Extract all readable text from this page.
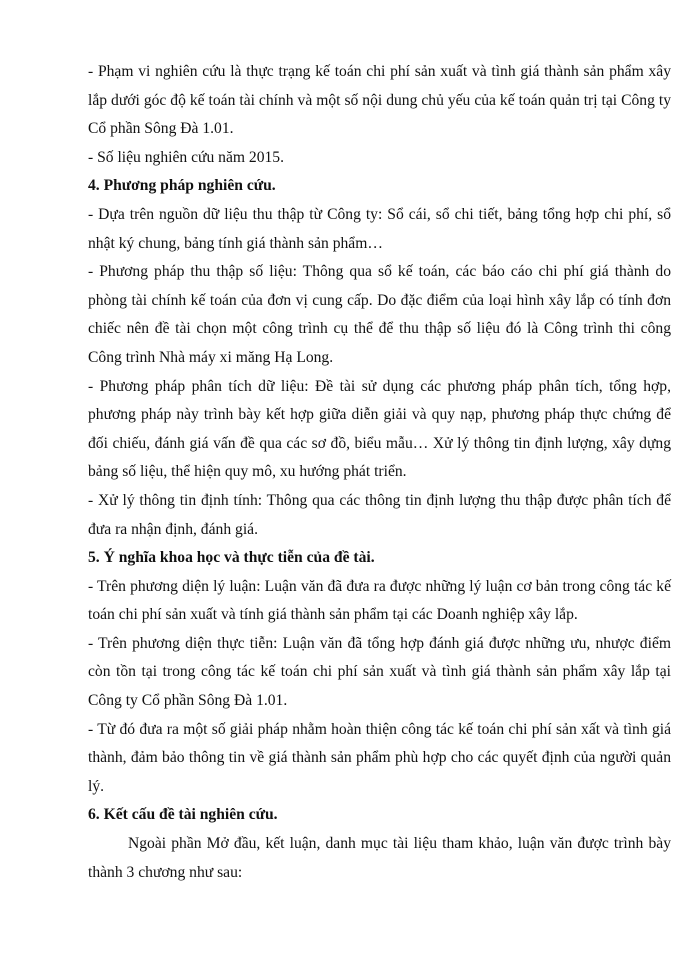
- Phạm vi nghiên cứu là thực trạng kế toán chi phí sản xuất và tình giá thành sản phẩm xây lắp dưới góc độ kế toán tài chính và một số nội dung chủ yếu của kế toán quản trị tại Công ty Cổ phần Sông Đà 1.01.

- Số liệu nghiên cứu năm 2015.

4. Phương pháp nghiên cứu.

- Dựa trên nguồn dữ liệu thu thập từ Công ty: Sổ cái, sổ chi tiết, bảng tổng hợp chi phí, sổ nhật ký chung, bảng tính giá thành sản phẩm…

- Phương pháp thu thập số liệu: Thông qua sổ kế toán, các báo cáo chi phí giá thành do phòng tài chính kế toán của đơn vị cung cấp. Do đặc điểm của loại hình xây lắp có tính đơn chiếc nên đề tài chọn một công trình cụ thể để thu thập số liệu đó là Công trình thi công Công trình Nhà máy xi măng Hạ Long.

- Phương pháp phân tích dữ liệu: Đề tài sử dụng các phương pháp phân tích, tổng hợp, phương pháp này trình bày kết hợp giữa diễn giải và quy nạp, phương pháp thực chứng để đối chiếu, đánh giá vấn đề qua các sơ đồ, biểu mẫu… Xử lý thông tin định lượng, xây dựng bảng số liệu, thể hiện quy mô, xu hướng phát triển.

- Xử lý thông tin định tính: Thông qua các thông tin định lượng thu thập được phân tích để đưa ra nhận định, đánh giá.

5. Ý nghĩa khoa học và thực tiễn của đề tài.

- Trên phương diện lý luận: Luận văn đã đưa ra được những lý luận cơ bản trong công tác kế toán chi phí sản xuất và tính giá thành sản phẩm tại các Doanh nghiệp xây lắp.

- Trên phương diện thực tiễn: Luận văn đã tổng hợp đánh giá được những ưu, nhược điểm còn tồn tại trong công tác kế toán chi phí sản xuất và tình giá thành sản phẩm xây lắp tại Công ty Cổ phần Sông Đà 1.01.

- Từ đó đưa ra một số giải pháp nhằm hoàn thiện công tác kế toán chi phí sản xất và tình giá thành, đảm bảo thông tin về giá thành sản phẩm phù hợp cho các quyết định của người quản lý.

6. Kết cấu đề tài nghiên cứu.

Ngoài phần Mở đầu, kết luận, danh mục tài liệu tham khảo, luận văn được trình bày thành 3 chương như sau:
